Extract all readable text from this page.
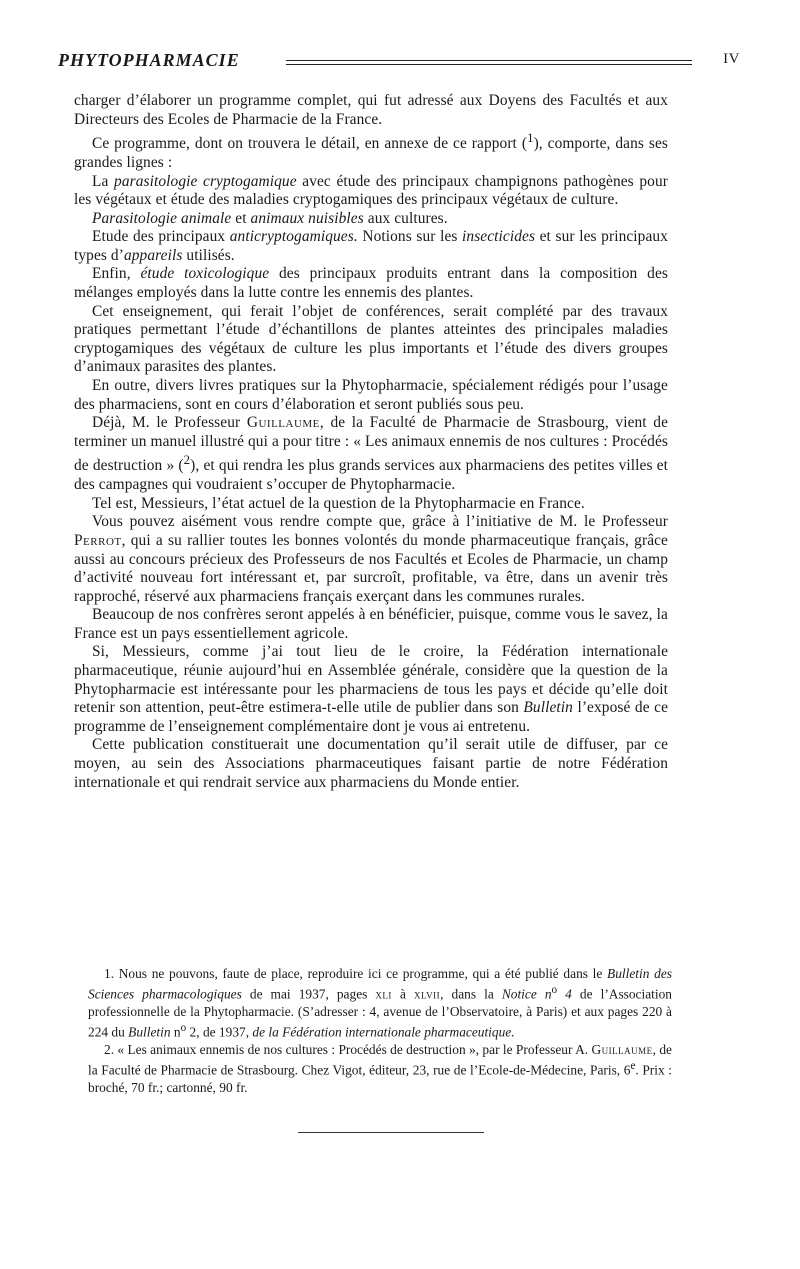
PHYTOPHARMACIE	IV

charger d’élaborer un programme complet, qui fut adressé aux Doyens des Facultés et aux Directeurs des Ecoles de Pharmacie de la France.

Ce programme, dont on trouvera le détail, en annexe de ce rapport ($^1$), comporte, dans ses grandes lignes :

La parasitologie cryptogamique avec étude des principaux champignons pathogènes pour les végétaux et étude des maladies cryptogamiques des principaux végétaux de culture.

Parasitologie animale et animaux nuisibles aux cultures.

Etude des principaux anticryptogamiques. Notions sur les insecticides et sur les principaux types d’appareils utilisés.

Enfin, étude toxicologique des principaux produits entrant dans la composition des mélanges employés dans la lutte contre les ennemis des plantes.

Cet enseignement, qui ferait l’objet de conférences, serait complété par des travaux pratiques permettant l’étude d’échantillons de plantes atteintes des principales maladies cryptogamiques des végétaux de culture les plus importants et l’étude des divers groupes d’animaux parasites des plantes.

En outre, divers livres pratiques sur la Phytopharmacie, spécialement rédigés pour l’usage des pharmaciens, sont en cours d’élaboration et seront publiés sous peu.

Déjà, M. le Professeur Guillaume, de la Faculté de Pharmacie de Strasbourg, vient de terminer un manuel illustré qui a pour titre : « Les animaux ennemis de nos cultures : Procédés de destruction » ($^2$), et qui rendra les plus grands services aux pharmaciens des petites villes et des campagnes qui voudraient s’occuper de Phytopharmacie.

Tel est, Messieurs, l’état actuel de la question de la Phytopharmacie en France.

Vous pouvez aisément vous rendre compte que, grâce à l’initiative de M. le Professeur Perrot, qui a su rallier toutes les bonnes volontés du monde pharmaceutique français, grâce aussi au concours précieux des Professeurs de nos Facultés et Ecoles de Pharmacie, un champ d’activité nouveau fort intéressant et, par surcroît, profitable, va être, dans un avenir très rapproché, réservé aux pharmaciens français exerçant dans les communes rurales.

Beaucoup de nos confrères seront appelés à en bénéficier, puisque, comme vous le savez, la France est un pays essentiellement agricole.

Si, Messieurs, comme j’ai tout lieu de le croire, la Fédération internationale pharmaceutique, réunie aujourd’hui en Assemblée générale, considère que la question de la Phytopharmacie est intéressante pour les pharmaciens de tous les pays et décide qu’elle doit retenir son attention, peut-être estimera-t-elle utile de publier dans son Bulletin l’exposé de ce programme de l’enseignement complémentaire dont je vous ai entretenu.

Cette publication constituerait une documentation qu’il serait utile de diffuser, par ce moyen, au sein des Associations pharmaceutiques faisant partie de notre Fédération internationale et qui rendrait service aux pharmaciens du Monde entier.

1. Nous ne pouvons, faute de place, reproduire ici ce programme, qui a été publié dans le Bulletin des Sciences pharmacologiques de mai 1937, pages xli à xlvii, dans la Notice $n^o$ 4 de l’Association professionnelle de la Phytopharmacie. (S’adresser : 4, avenue de l’Observatoire, à Paris) et aux pages 220 à 224 du Bulletin $n^o$ 2, de 1937, de la Fédération internationale pharmaceutique.

2. « Les animaux ennemis de nos cultures : Procédés de destruction », par le Professeur A. Guillaume, de la Faculté de Pharmacie de Strasbourg. Chez Vigot, éditeur, 23, rue de l’Ecole-de-Médecine, Paris, 6e. Prix : broché, 70 fr.; cartonné, 90 fr.
